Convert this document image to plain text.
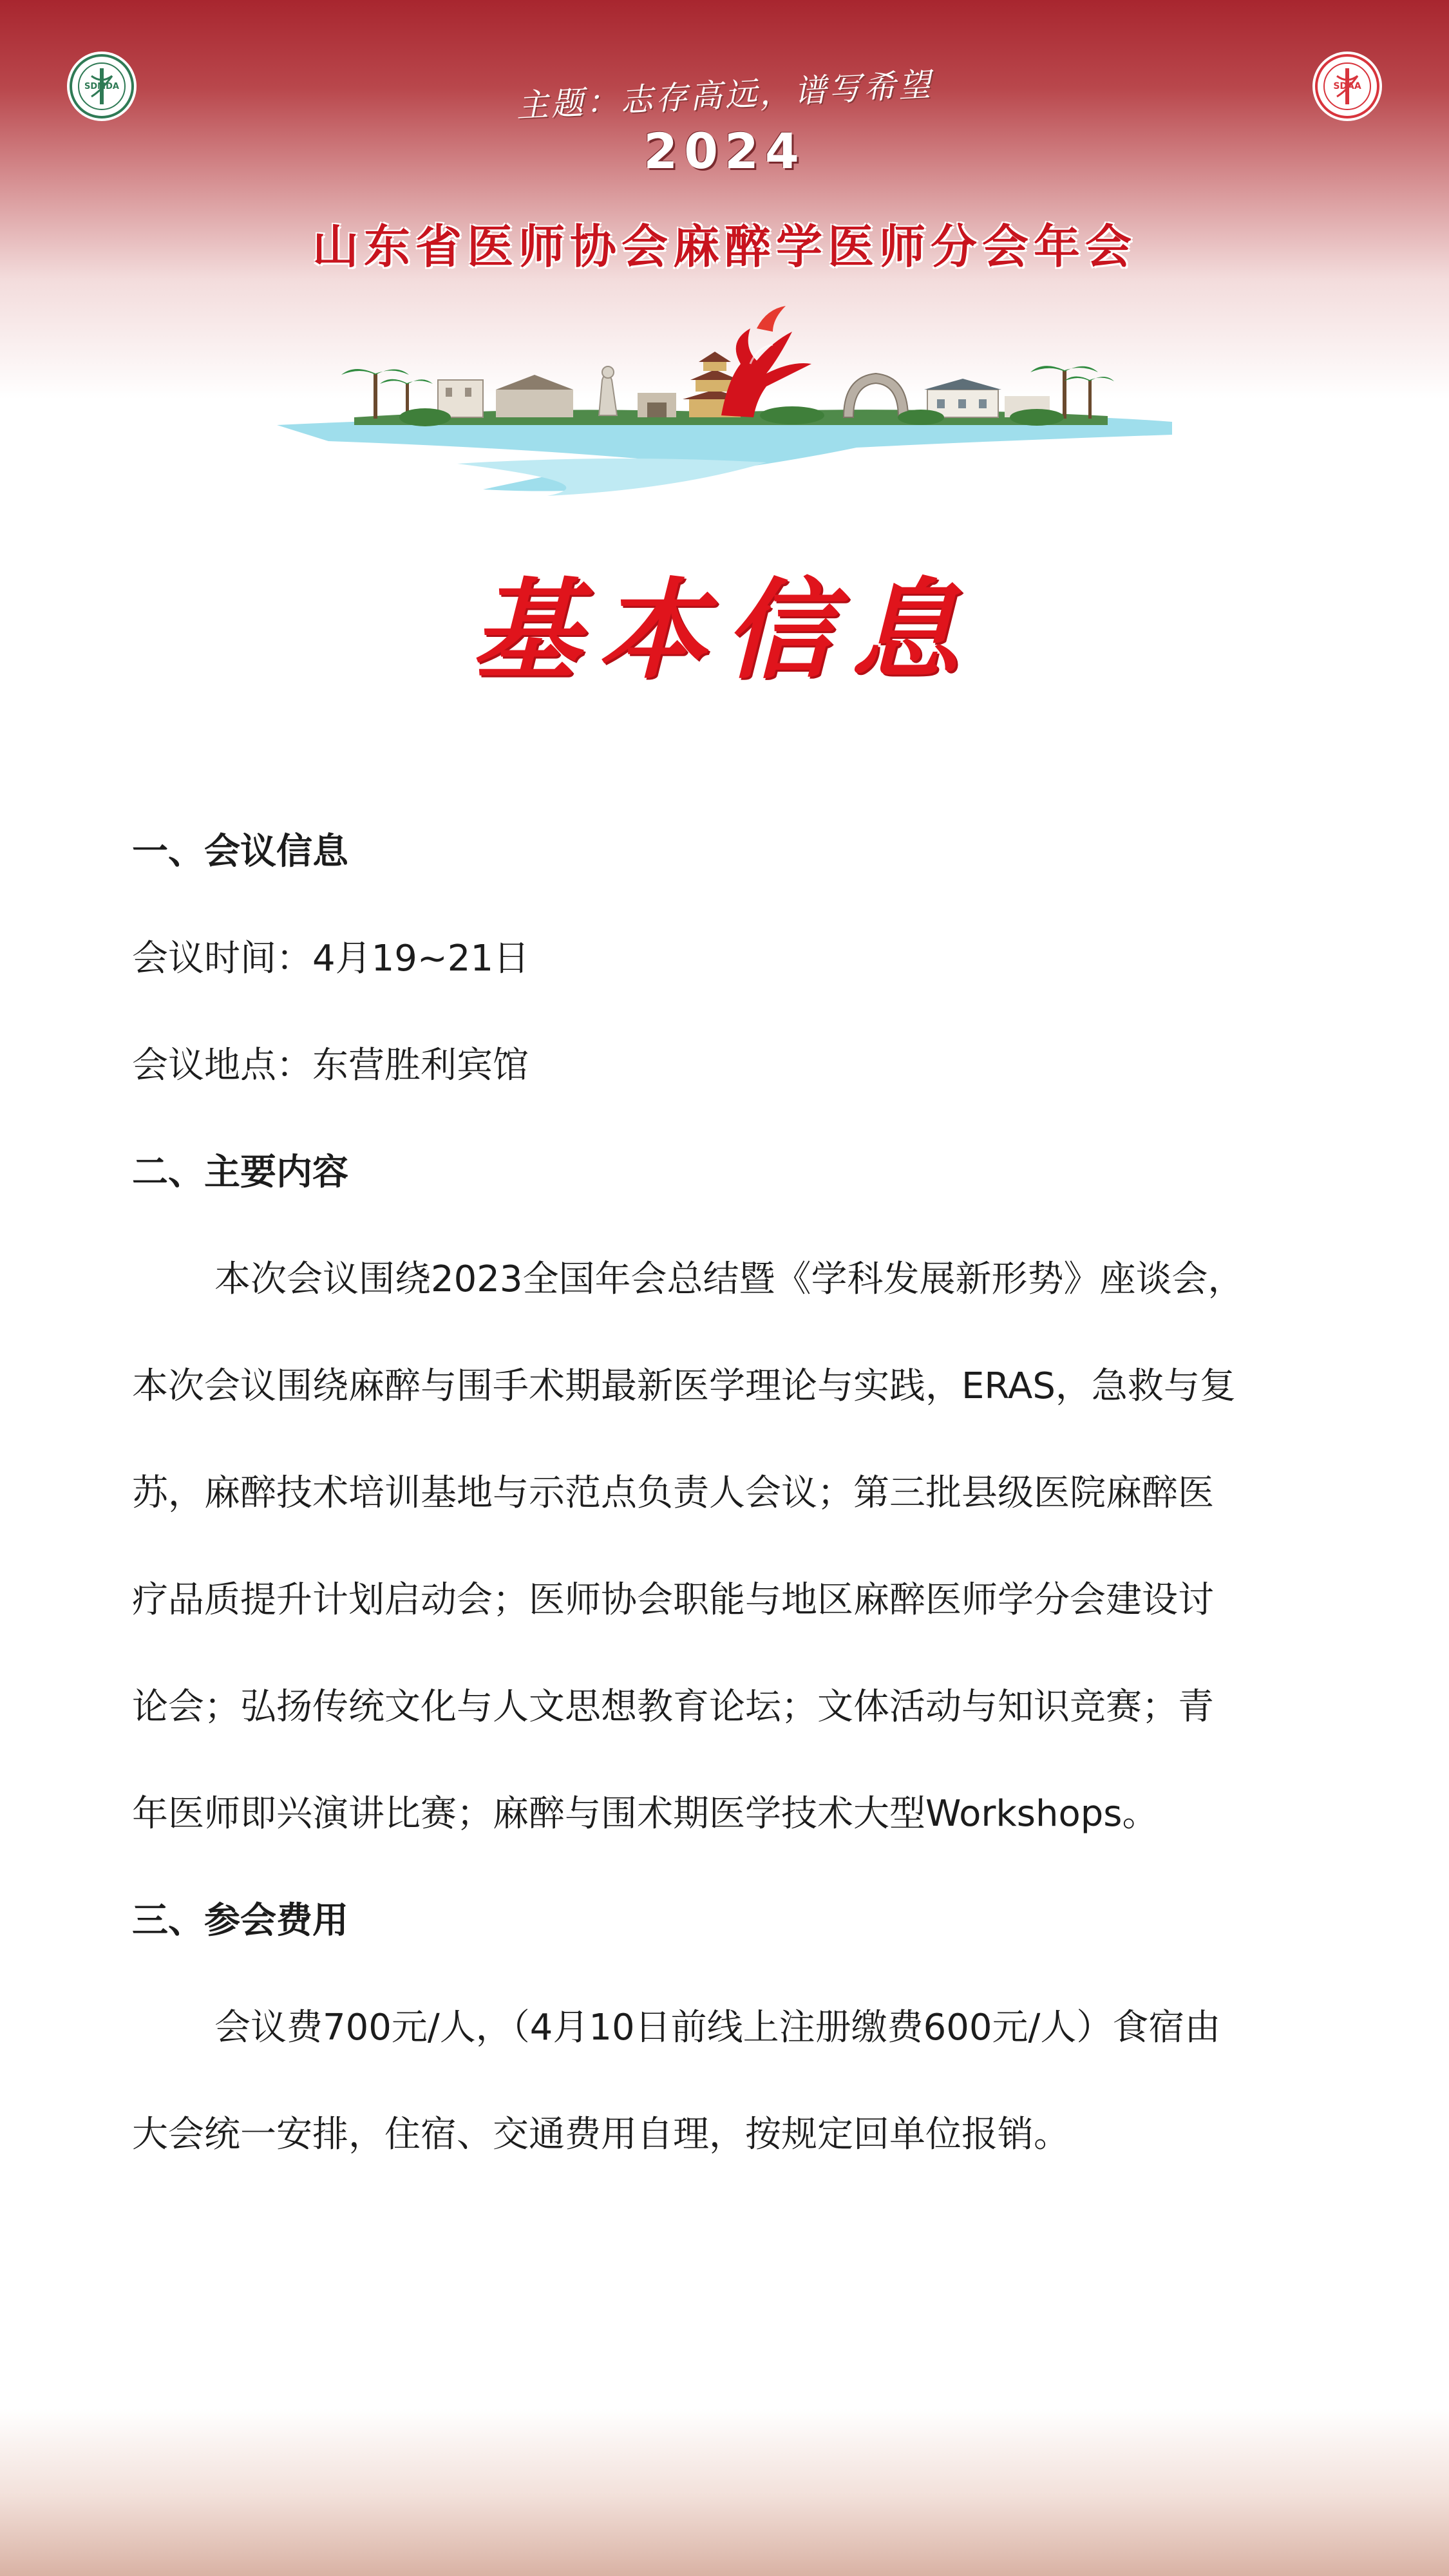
SDMDA	SDAA
主题：志存高远，谱写希望
2024
山东省医师协会麻醉学医师分会年会
基本信息

一、会议信息

会议时间：4月19~21日

会议地点：东营胜利宾馆

二、主要内容

本次会议围绕2023全国年会总结暨《学科发展新形势》座谈会，

本次会议围绕麻醉与围手术期最新医学理论与实践，ERAS，急救与复

苏，麻醉技术培训基地与示范点负责人会议；第三批县级医院麻醉医

疗品质提升计划启动会；医师协会职能与地区麻醉医师学分会建设讨

论会；弘扬传统文化与人文思想教育论坛；文体活动与知识竞赛；青

年医师即兴演讲比赛；麻醉与围术期医学技术大型Workshops。

三、参会费用

会议费700元/人，（4月10日前线上注册缴费600元/人）食宿由

大会统一安排，住宿、交通费用自理，按规定回单位报销。
